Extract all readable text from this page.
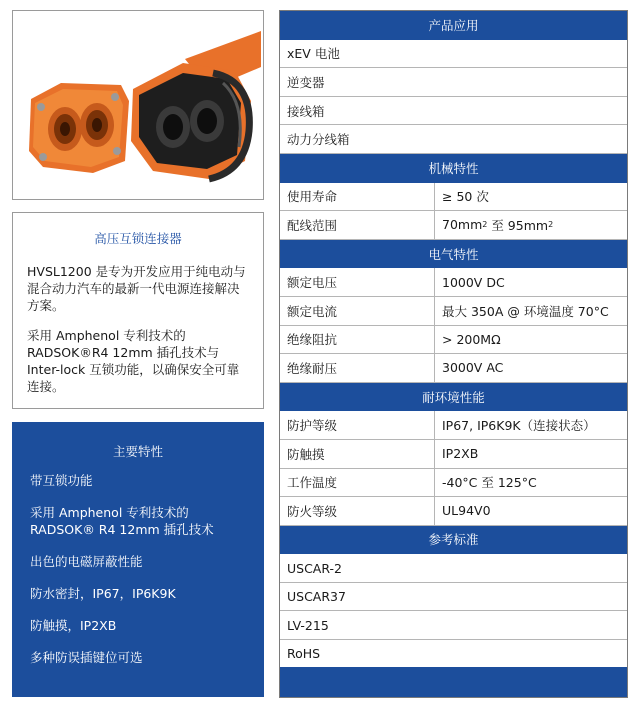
高压互锁连接器

HVSL1200 是专为开发应用于纯电动与混合动力汽车的最新一代电源连接解决方案。

采用 Amphenol 专利技术的 RADSOK®R4 12mm 插孔技术与 Inter-lock 互锁功能，以确保安全可靠连接。

主要特性
带互锁功能
采用 Amphenol 专利技术的 RADSOK® R4 12mm 插孔技术
出色的电磁屏蔽性能
防水密封，IP67，IP6K9K
防触摸，IP2XB
多种防误插键位可选
产品应用
xEV 电池
逆变器
接线箱
动力分线箱
机械特性
使用寿命	≥ 50 次
配线范围	70mm 2 至 95mm 2
电气特性
额定电压	1000V DC
额定电流	最大 350A @ 环境温度 70°C
绝缘阻抗	> 200MΩ
绝缘耐压	3000V AC
耐环境性能
防护等级	IP67, IP6K9K（连接状态）
防触摸	IP2XB
工作温度	-40°C 至 125°C
防火等级	UL94V0
参考标准
USCAR-2
USCAR37
LV-215
RoHS
